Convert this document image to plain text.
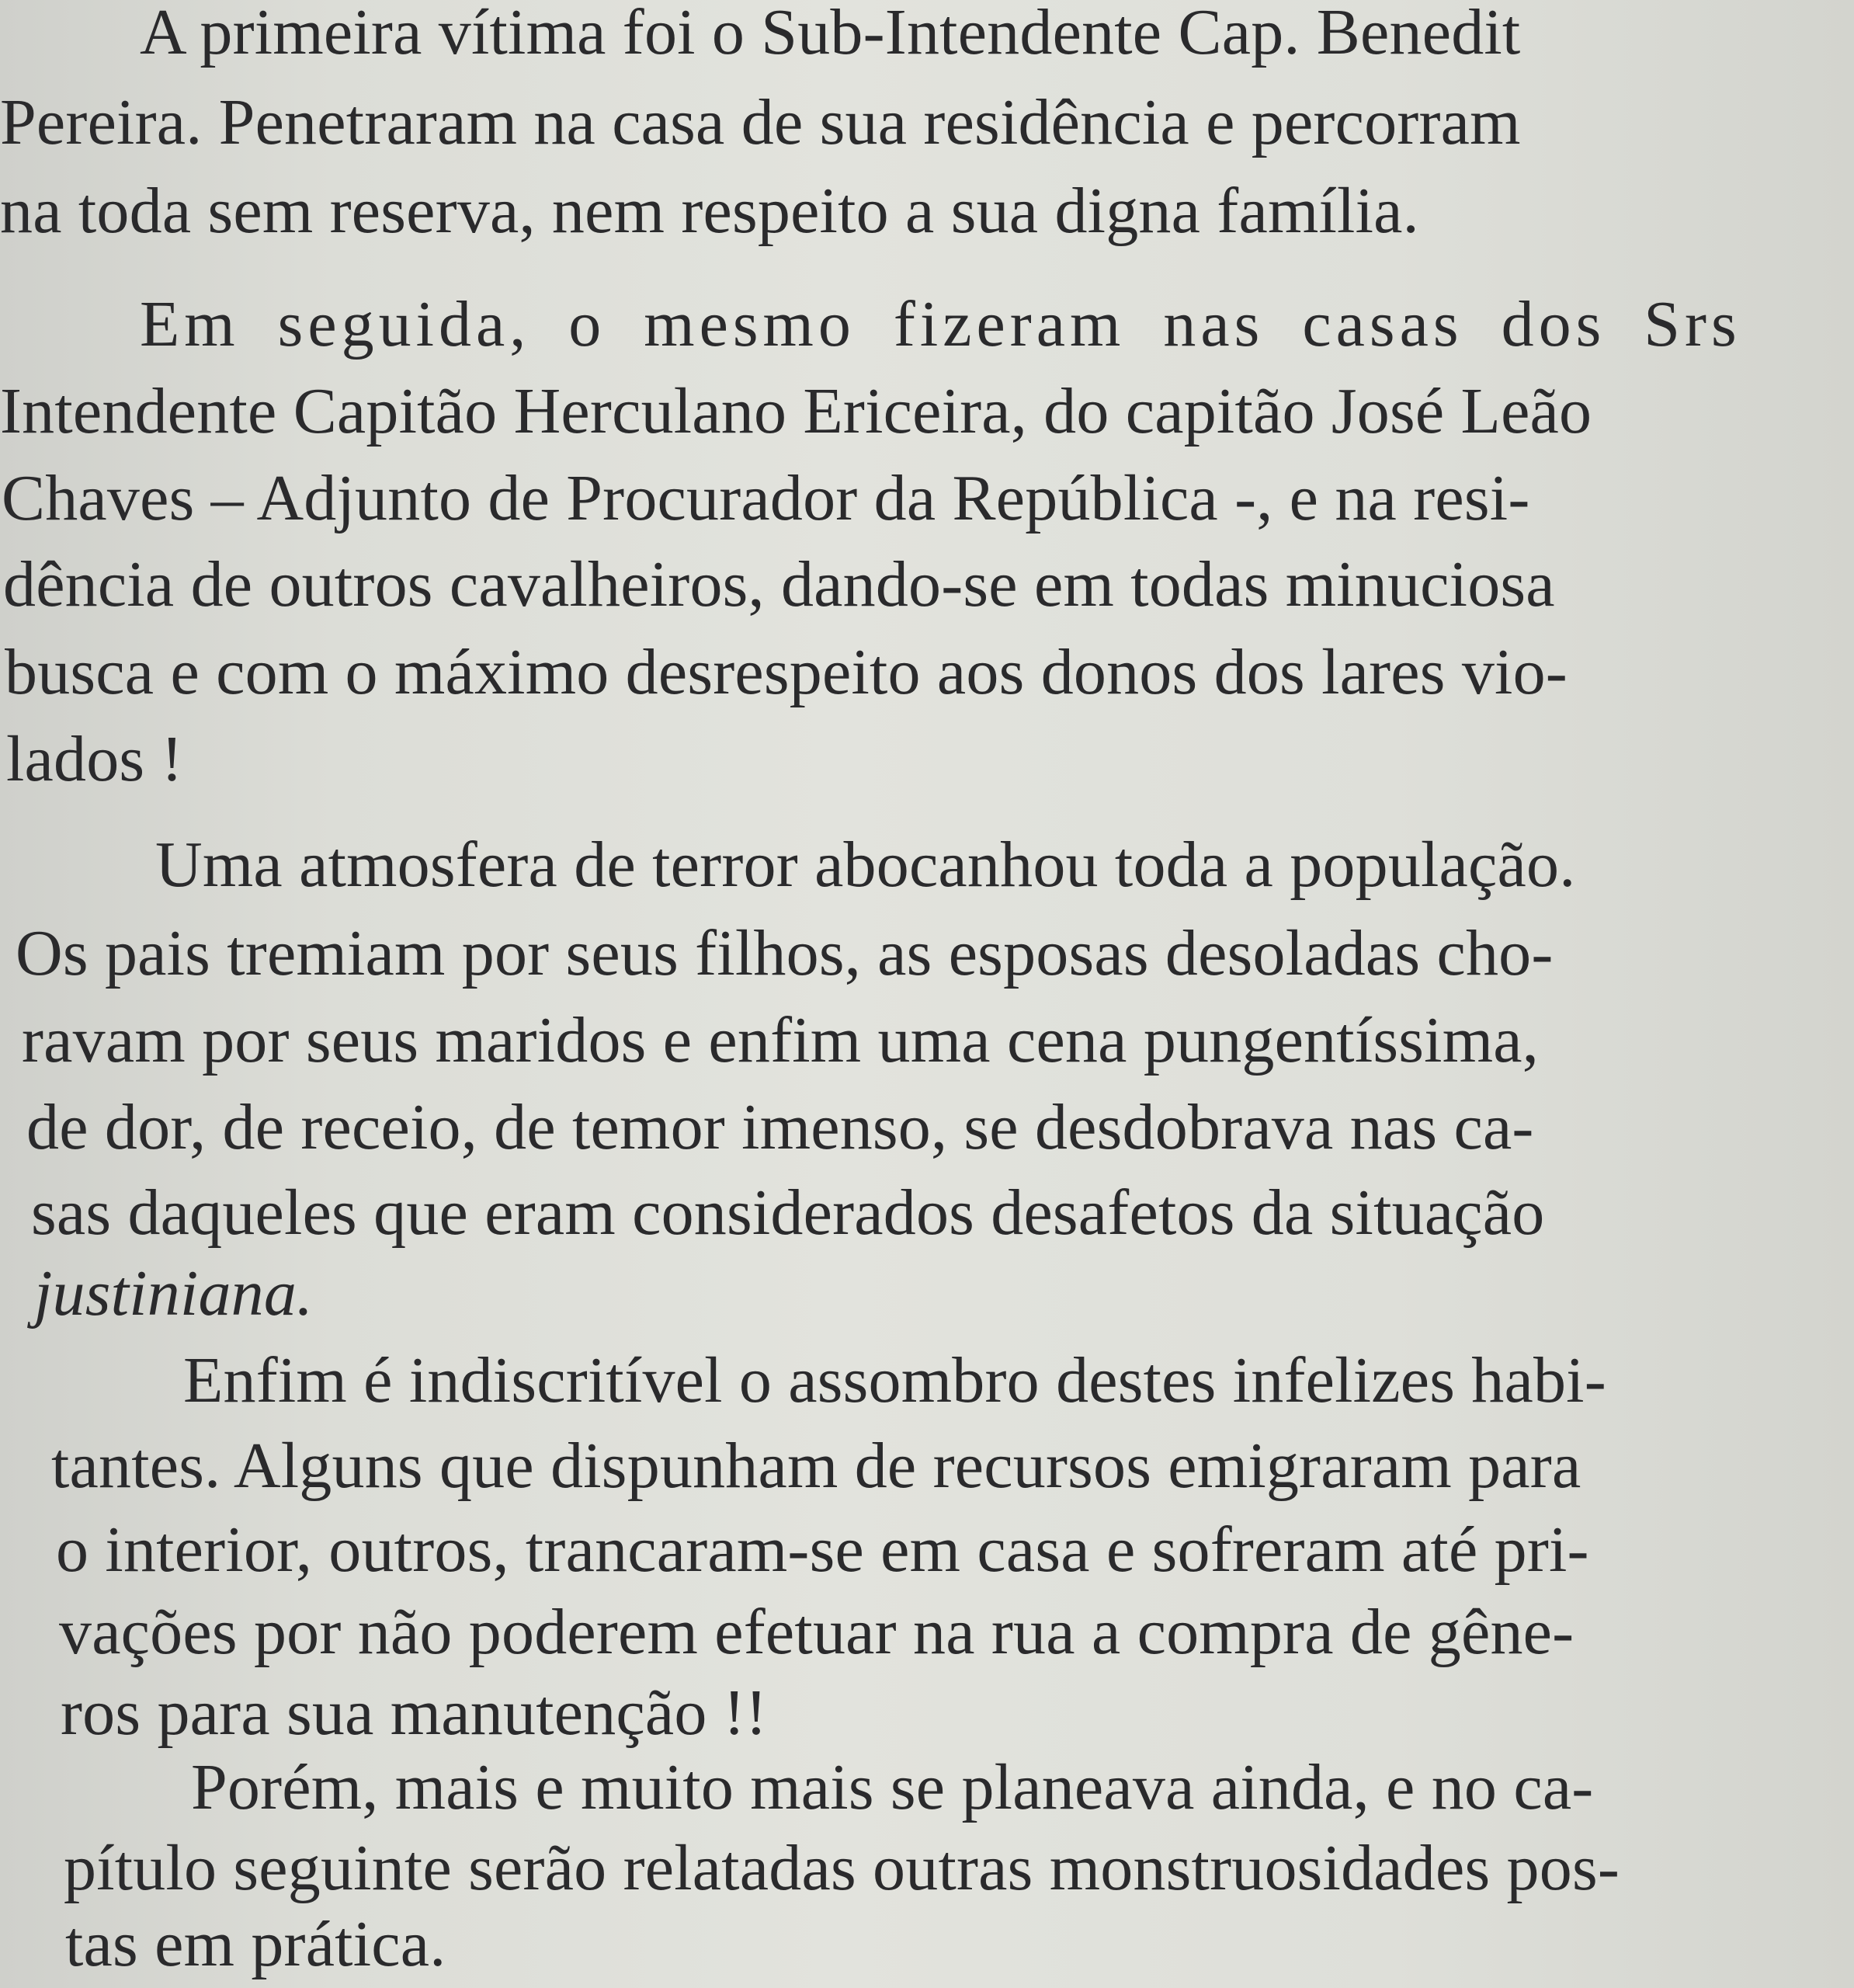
A primeira vítima foi o Sub-Intendente Cap. Benedit
Pereira. Penetraram na casa de sua residência e percorram
na toda sem reserva, nem respeito a sua digna família.
Em seguida, o mesmo fizeram nas casas dos Srs
Intendente Capitão Herculano Ericeira, do capitão José Leão
Chaves – Adjunto de Procurador da República -, e na resi-
dência de outros cavalheiros, dando-se em todas minuciosa
busca e com o máximo desrespeito aos donos dos lares vio-
lados !
Uma atmosfera de terror abocanhou toda a população.
Os pais tremiam por seus filhos, as esposas desoladas cho-
ravam por seus maridos e enfim uma cena pungentíssima,
de dor, de receio, de temor imenso, se desdobrava nas ca-
sas daqueles que eram considerados desafetos da situação
justiniana.
Enfim é indiscritível o assombro destes infelizes habi-
tantes. Alguns que dispunham de recursos emigraram para
o interior, outros, trancaram-se em casa e sofreram até pri-
vações por não poderem efetuar na rua a compra de gêne-
ros para sua manutenção !!
Porém, mais e muito mais se planeava ainda, e no ca-
pítulo seguinte serão relatadas outras monstruosidades pos-
tas em prática.
